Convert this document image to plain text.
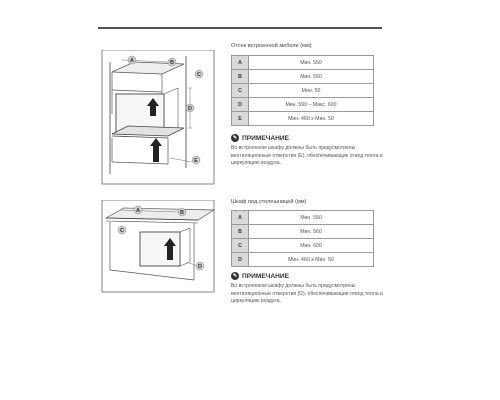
A	B
C
D
E
Отсек встроенной мебели (мм)
A	Мин. 550
B	Мин. 560
C	Мин. 50
D	Мин. 590 – Макс. 600
E	Мин. 460 x Мин. 50
✎ ПРИМЕЧАНИЕ
Во встроенном шкафу должны быть предусмотрены вентиляционные отверстия (E), обеспечивающие отвод тепла и циркуляцию воздуха.
A	B
C
D
Шкаф под столешницей (мм)
A	Мин. 550
B	Мин. 560
C	Мин. 600
D	Мин. 460 x Мин. 50
✎ ПРИМЕЧАНИЕ
Во встроенном шкафу должны быть предусмотрены вентиляционные отверстия (D), обеспечивающие отвод тепла и циркуляцию воздуха.
